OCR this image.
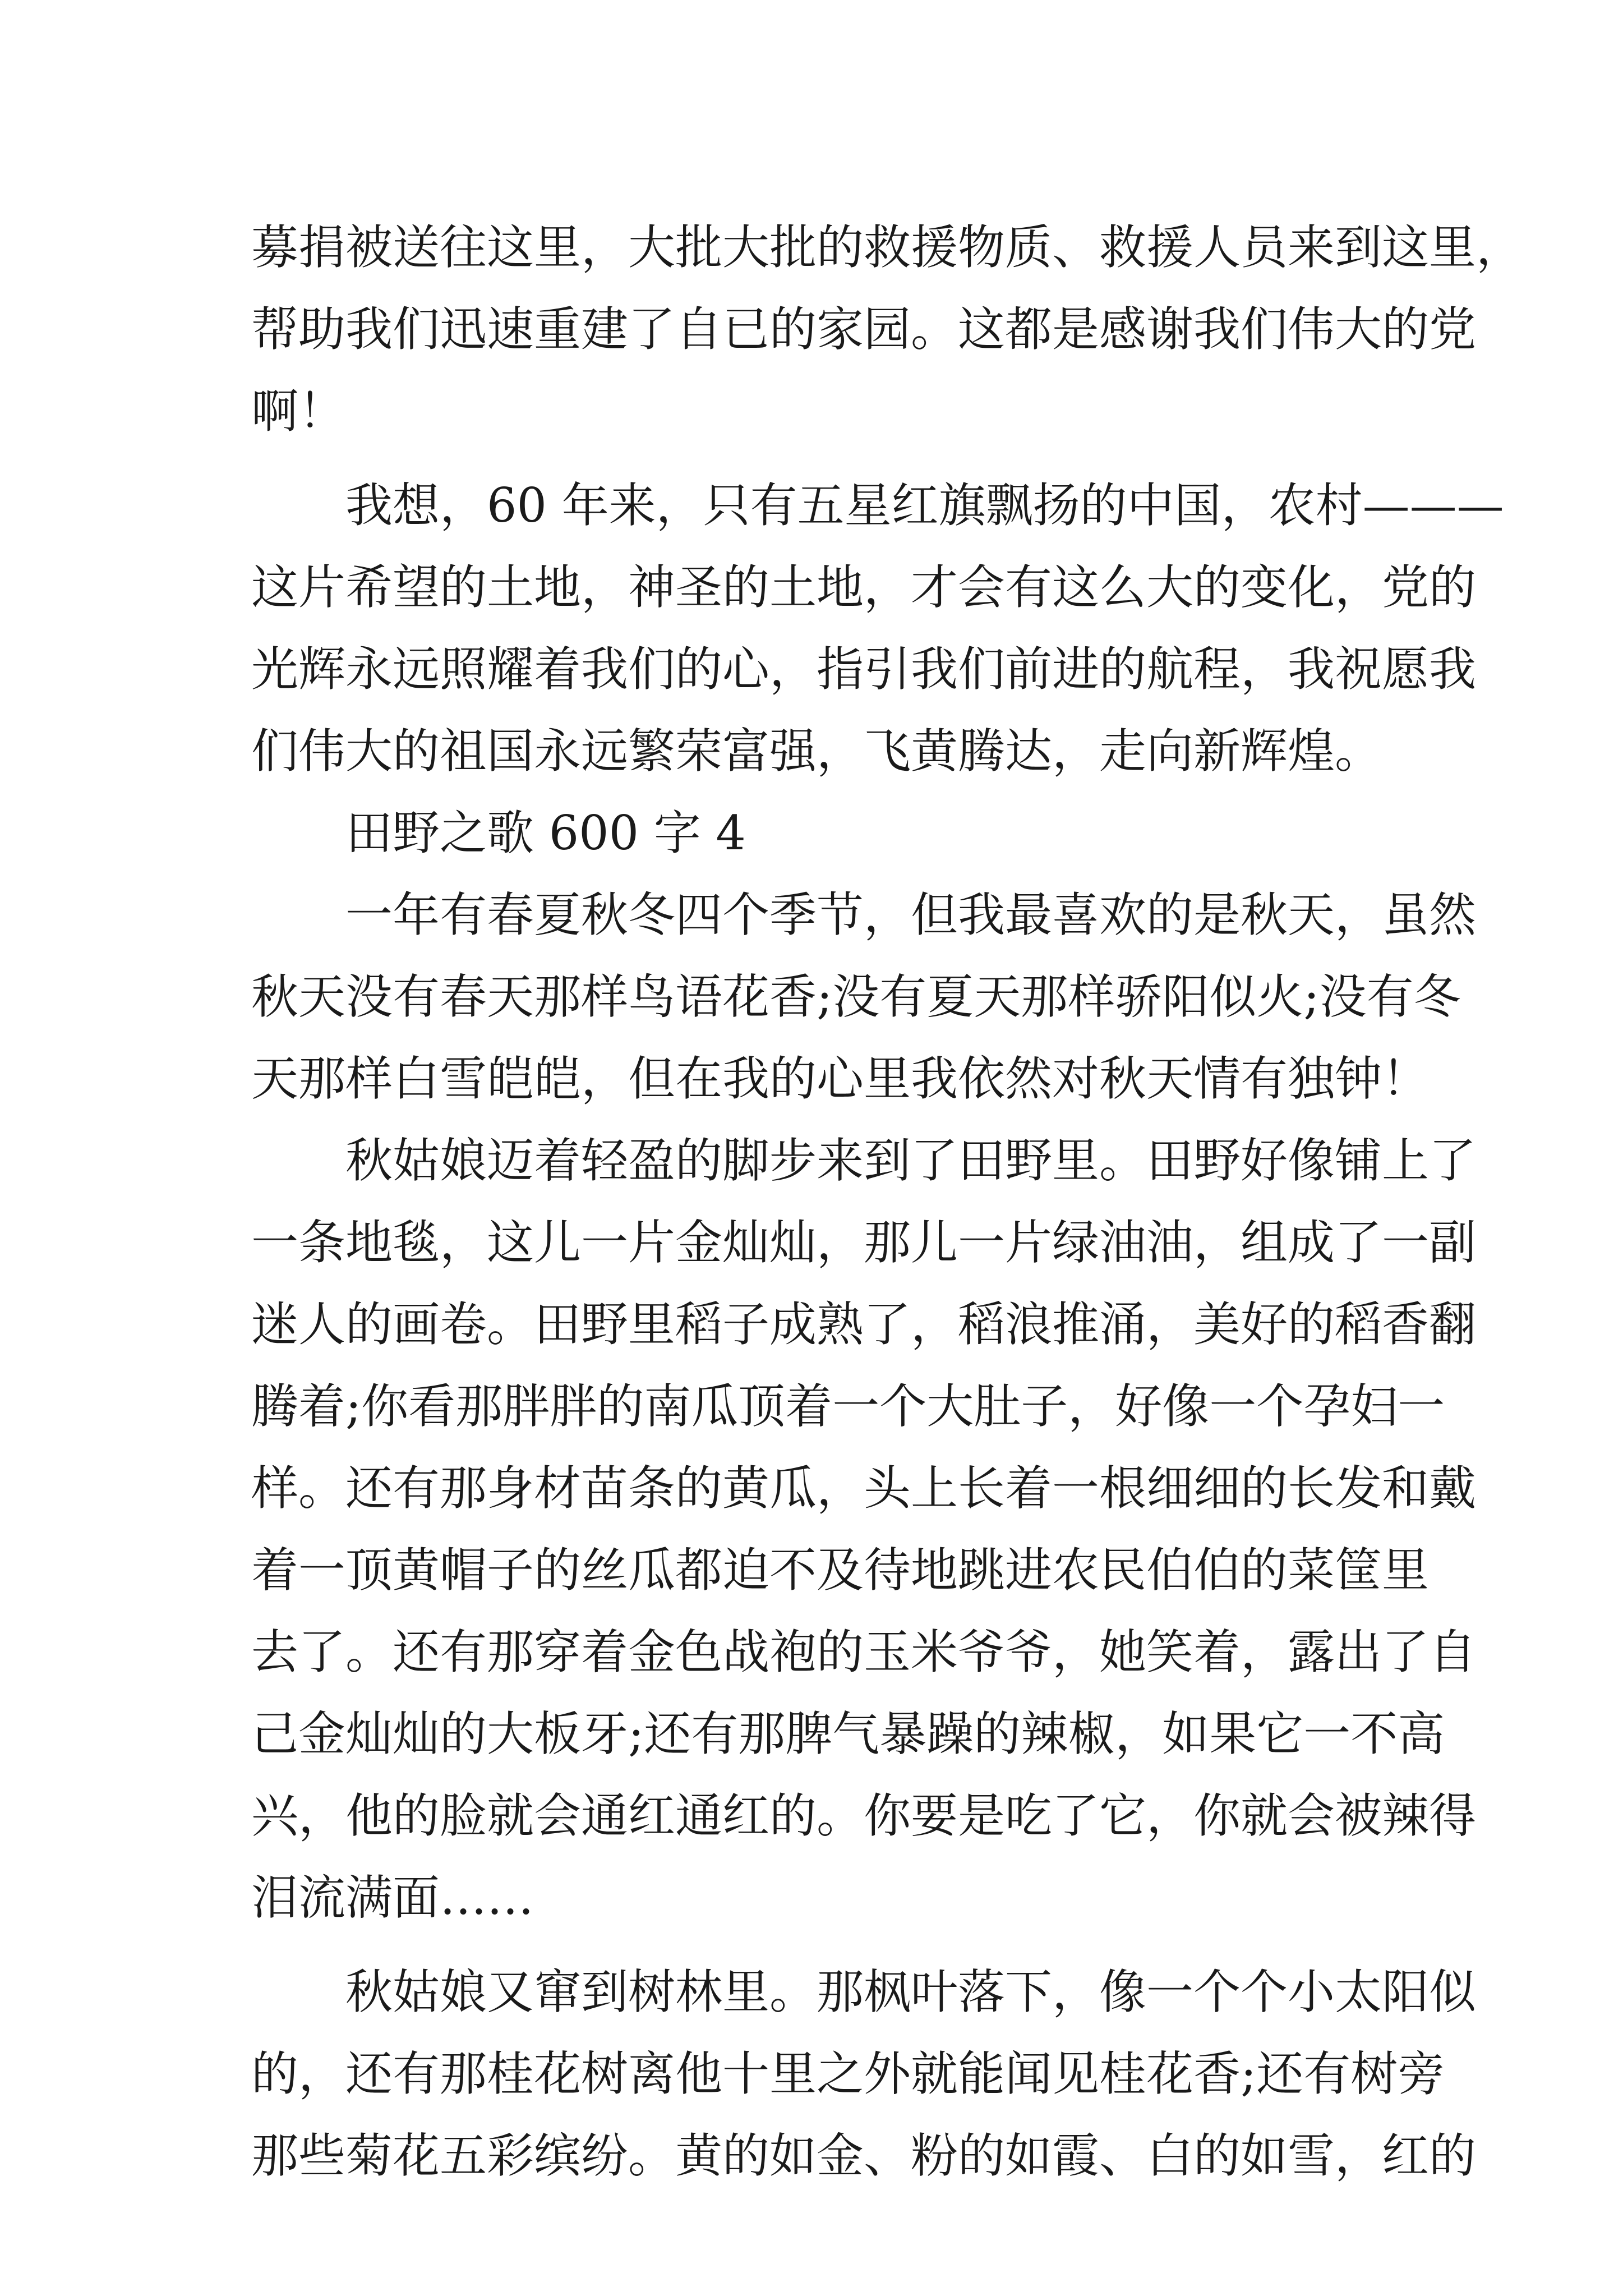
募捐被送往这里，大批大批的救援物质、救援人员来到这里，
帮助我们迅速重建了自已的家园。这都是感谢我们伟大的党
啊！
我想，60 年来，只有五星红旗飘扬的中国，农村———
这片希望的土地，神圣的土地，才会有这么大的变化，党的
光辉永远照耀着我们的心，指引我们前进的航程，我祝愿我
们伟大的祖国永远繁荣富强，飞黄腾达，走向新辉煌。
田野之歌 600 字 4
一年有春夏秋冬四个季节，但我最喜欢的是秋天，虽然
秋天没有春天那样鸟语花香;没有夏天那样骄阳似火;没有冬
天那样白雪皑皑，但在我的心里我依然对秋天情有独钟！
秋姑娘迈着轻盈的脚步来到了田野里。田野好像铺上了
一条地毯，这儿一片金灿灿，那儿一片绿油油，组成了一副
迷人的画卷。田野里稻子成熟了，稻浪推涌，美好的稻香翻
腾着;你看那胖胖的南瓜顶着一个大肚子，好像一个孕妇一
样。还有那身材苗条的黄瓜，头上长着一根细细的长发和戴
着一顶黄帽子的丝瓜都迫不及待地跳进农民伯伯的菜筐里
去了。还有那穿着金色战袍的玉米爷爷，她笑着，露出了自
己金灿灿的大板牙;还有那脾气暴躁的辣椒，如果它一不高
兴，他的脸就会通红通红的。你要是吃了它，你就会被辣得
泪流满面……
秋姑娘又窜到树林里。那枫叶落下，像一个个小太阳似
的，还有那桂花树离他十里之外就能闻见桂花香;还有树旁
那些菊花五彩缤纷。黄的如金、粉的如霞、白的如雪，红的
